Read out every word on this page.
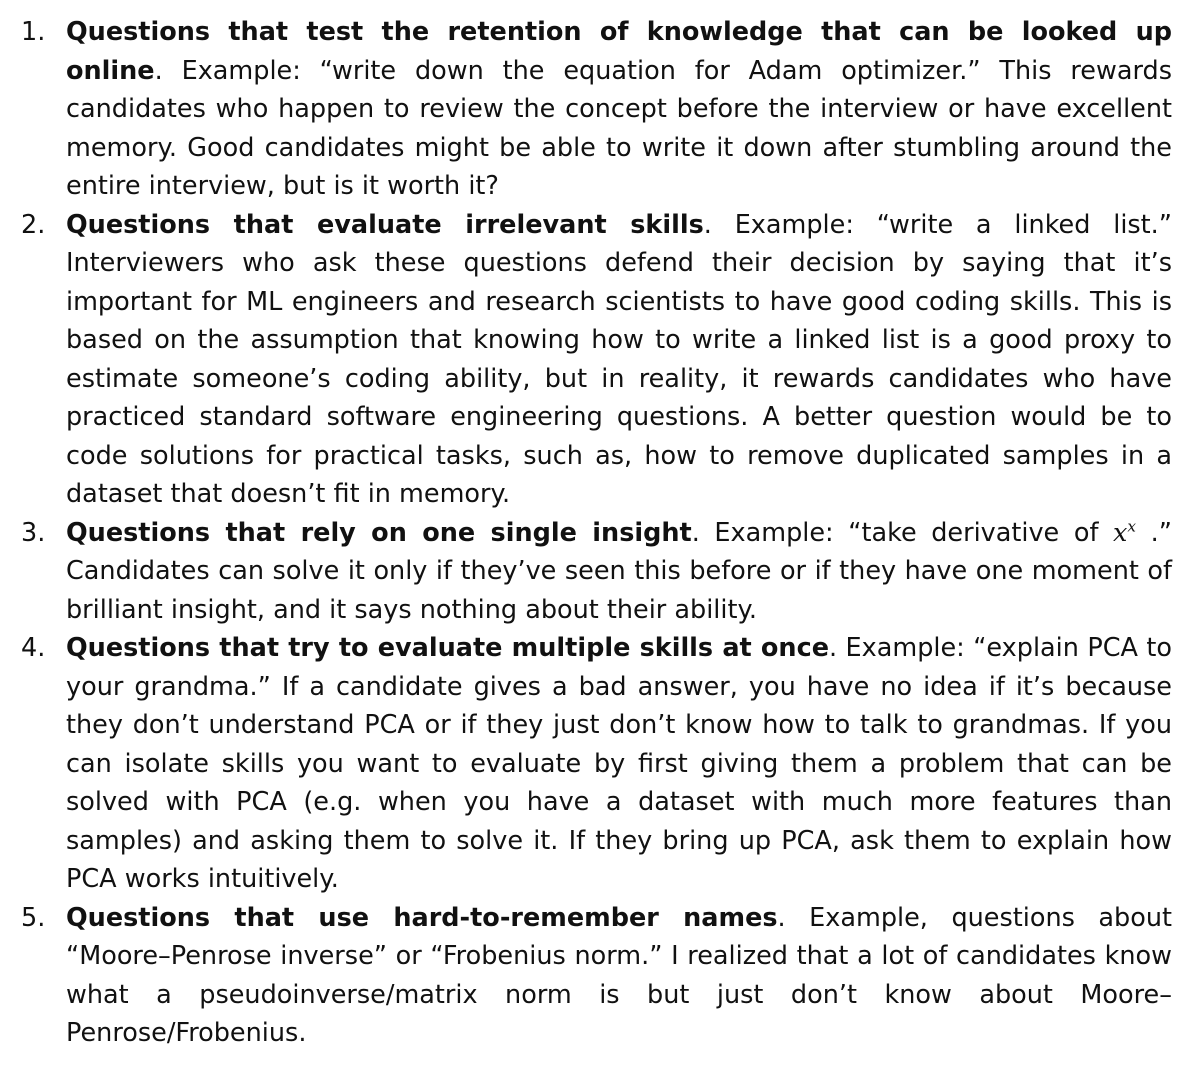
1. Questions that test the retention of knowledge that can be looked up online. Example: “write down the equation for Adam optimizer.” This rewards candidates who happen to review the concept before the interview or have excellent memory. Good candidates might be able to write it down after stumbling around the entire interview, but is it worth it?
2. Questions that evaluate irrelevant skills. Example: “write a linked list.” Interviewers who ask these questions defend their decision by saying that it’s important for ML engineers and research scientists to have good coding skills. This is based on the assumption that knowing how to write a linked list is a good proxy to estimate someone’s coding ability, but in reality, it rewards candidates who have practiced standard software engineering questions. A better question would be to code solutions for practical tasks, such as, how to remove duplicated samples in a dataset that doesn’t fit in memory.
3. Questions that rely on one single insight. Example: “take derivative of $x^x$ .” Candidates can solve it only if they’ve seen this before or if they have one moment of brilliant insight, and it says nothing about their ability.
4. Questions that try to evaluate multiple skills at once. Example: “explain PCA to your grandma.” If a candidate gives a bad answer, you have no idea if it’s because they don’t understand PCA or if they just don’t know how to talk to grandmas. If you can isolate skills you want to evaluate by first giving them a problem that can be solved with PCA (e.g. when you have a dataset with much more features than samples) and asking them to solve it. If they bring up PCA, ask them to explain how PCA works intuitively.
5. Questions that use hard-to-remember names. Example, questions about “Moore–Penrose inverse” or “Frobenius norm.” I realized that a lot of candidates know what a pseudoinverse/matrix norm is but just don’t know about Moore–Penrose/Frobenius.
